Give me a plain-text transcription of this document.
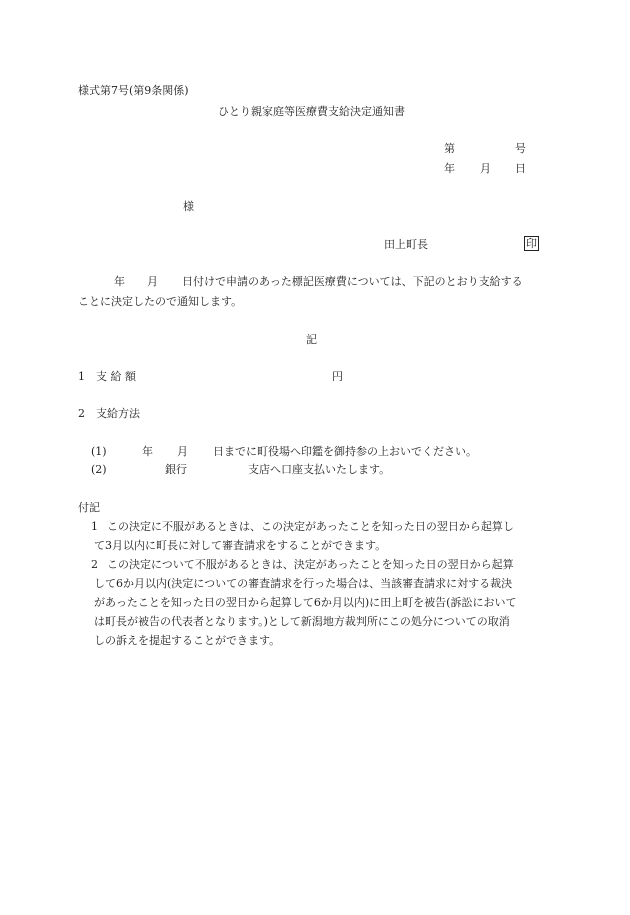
様式第7号(第9条関係)
ひとり親家庭等医療費支給決定通知書
第	号
年 月 日
様
田上町長	印
年 月 日付けで申請のあった標記医療費については、下記のとおり支給する
ことに決定したので通知します。
記
1 支 給 額	円
2 支給方法
(1)	年 月 日までに町役場へ印鑑を御持参の上おいでください。
(2)	銀行	支店へ口座支払いたします。
付記
1 この決定に不服があるときは、この決定があったことを知った日の翌日から起算し
て3月以内に町長に対して審査請求をすることができます。
2 この決定について不服があるときは、決定があったことを知った日の翌日から起算
して6か月以内(決定についての審査請求を行った場合は、当該審査請求に対する裁決
があったことを知った日の翌日から起算して6か月以内)に田上町を被告(訴訟において
は町長が被告の代表者となります。)として新潟地方裁判所にこの処分についての取消
しの訴えを提起することができます。
